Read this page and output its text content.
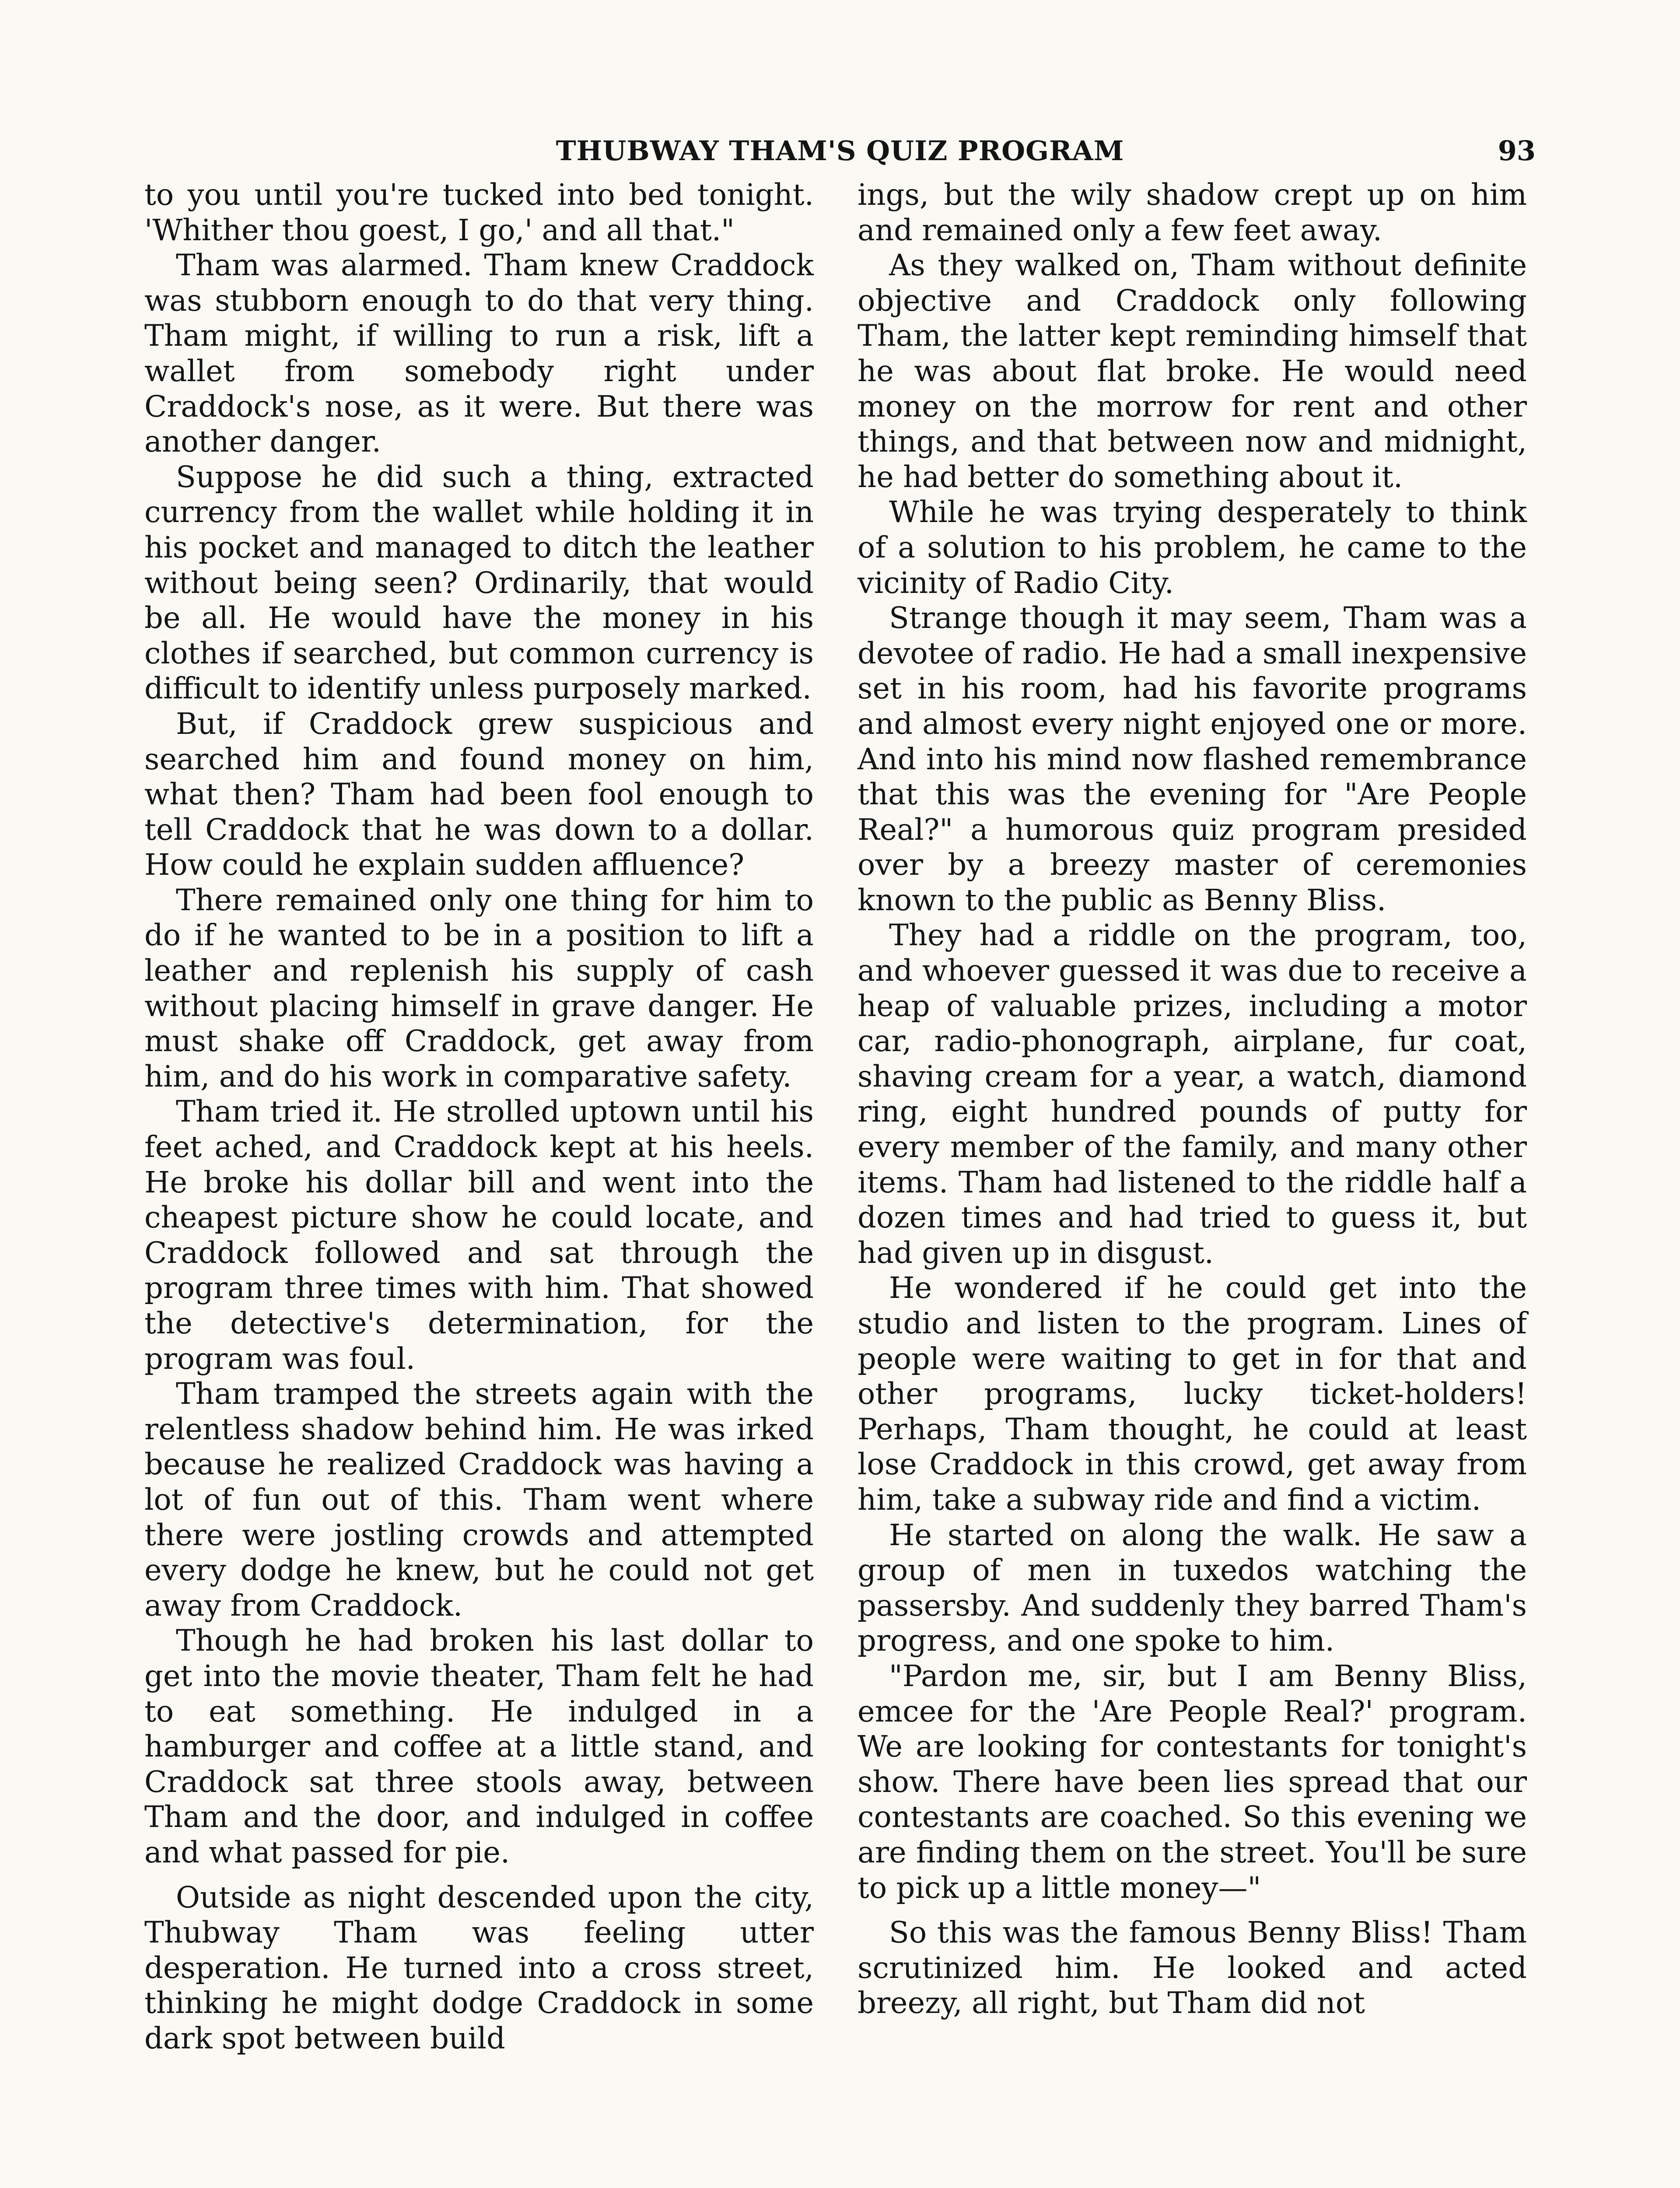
THUBWAY THAM'S QUIZ PROGRAM	93

to you until you're tucked into bed tonight. 'Whither thou goest, I go,' and all that."

Tham was alarmed. Tham knew Craddock was stubborn enough to do that very thing. Tham might, if willing to run a risk, lift a wallet from somebody right under Craddock's nose, as it were. But there was another danger.

Suppose he did such a thing, extracted currency from the wallet while holding it in his pocket and managed to ditch the leather without being seen? Ordinarily, that would be all. He would have the money in his clothes if searched, but common currency is difficult to identify unless purposely marked.

But, if Craddock grew suspicious and searched him and found money on him, what then? Tham had been fool enough to tell Craddock that he was down to a dollar. How could he explain sudden affluence?

There remained only one thing for him to do if he wanted to be in a position to lift a leather and replenish his supply of cash without placing himself in grave danger. He must shake off Craddock, get away from him, and do his work in comparative safety.

Tham tried it. He strolled uptown until his feet ached, and Craddock kept at his heels. He broke his dollar bill and went into the cheapest picture show he could locate, and Craddock followed and sat through the program three times with him. That showed the detective's determination, for the program was foul.

Tham tramped the streets again with the relentless shadow behind him. He was irked because he realized Craddock was having a lot of fun out of this. Tham went where there were jostling crowds and attempted every dodge he knew, but he could not get away from Craddock.

Though he had broken his last dollar to get into the movie theater, Tham felt he had to eat something. He indulged in a hamburger and coffee at a little stand, and Craddock sat three stools away, between Tham and the door, and indulged in coffee and what passed for pie.

Outside as night descended upon the city, Thubway Tham was feeling utter desperation. He turned into a cross street, thinking he might dodge Craddock in some dark spot between build

ings, but the wily shadow crept up on him and remained only a few feet away.

As they walked on, Tham without definite objective and Craddock only following Tham, the latter kept reminding himself that he was about flat broke. He would need money on the morrow for rent and other things, and that between now and midnight, he had better do something about it.

While he was trying desperately to think of a solution to his problem, he came to the vicinity of Radio City.

Strange though it may seem, Tham was a devotee of radio. He had a small inexpensive set in his room, had his favorite programs and almost every night enjoyed one or more. And into his mind now flashed remembrance that this was the evening for "Are People Real?" a humorous quiz program presided over by a breezy master of ceremonies known to the public as Benny Bliss.

They had a riddle on the program, too, and whoever guessed it was due to receive a heap of valuable prizes, including a motor car, radio-phonograph, airplane, fur coat, shaving cream for a year, a watch, diamond ring, eight hundred pounds of putty for every member of the family, and many other items. Tham had listened to the riddle half a dozen times and had tried to guess it, but had given up in disgust.

He wondered if he could get into the studio and listen to the program. Lines of people were waiting to get in for that and other programs, lucky ticket-holders! Perhaps, Tham thought, he could at least lose Craddock in this crowd, get away from him, take a subway ride and find a victim.

He started on along the walk. He saw a group of men in tuxedos watching the passersby. And suddenly they barred Tham's progress, and one spoke to him.

"Pardon me, sir, but I am Benny Bliss, emcee for the 'Are People Real?' program. We are looking for contestants for tonight's show. There have been lies spread that our contestants are coached. So this evening we are finding them on the street. You'll be sure to pick up a little money—"

So this was the famous Benny Bliss! Tham scrutinized him. He looked and acted breezy, all right, but Tham did not
